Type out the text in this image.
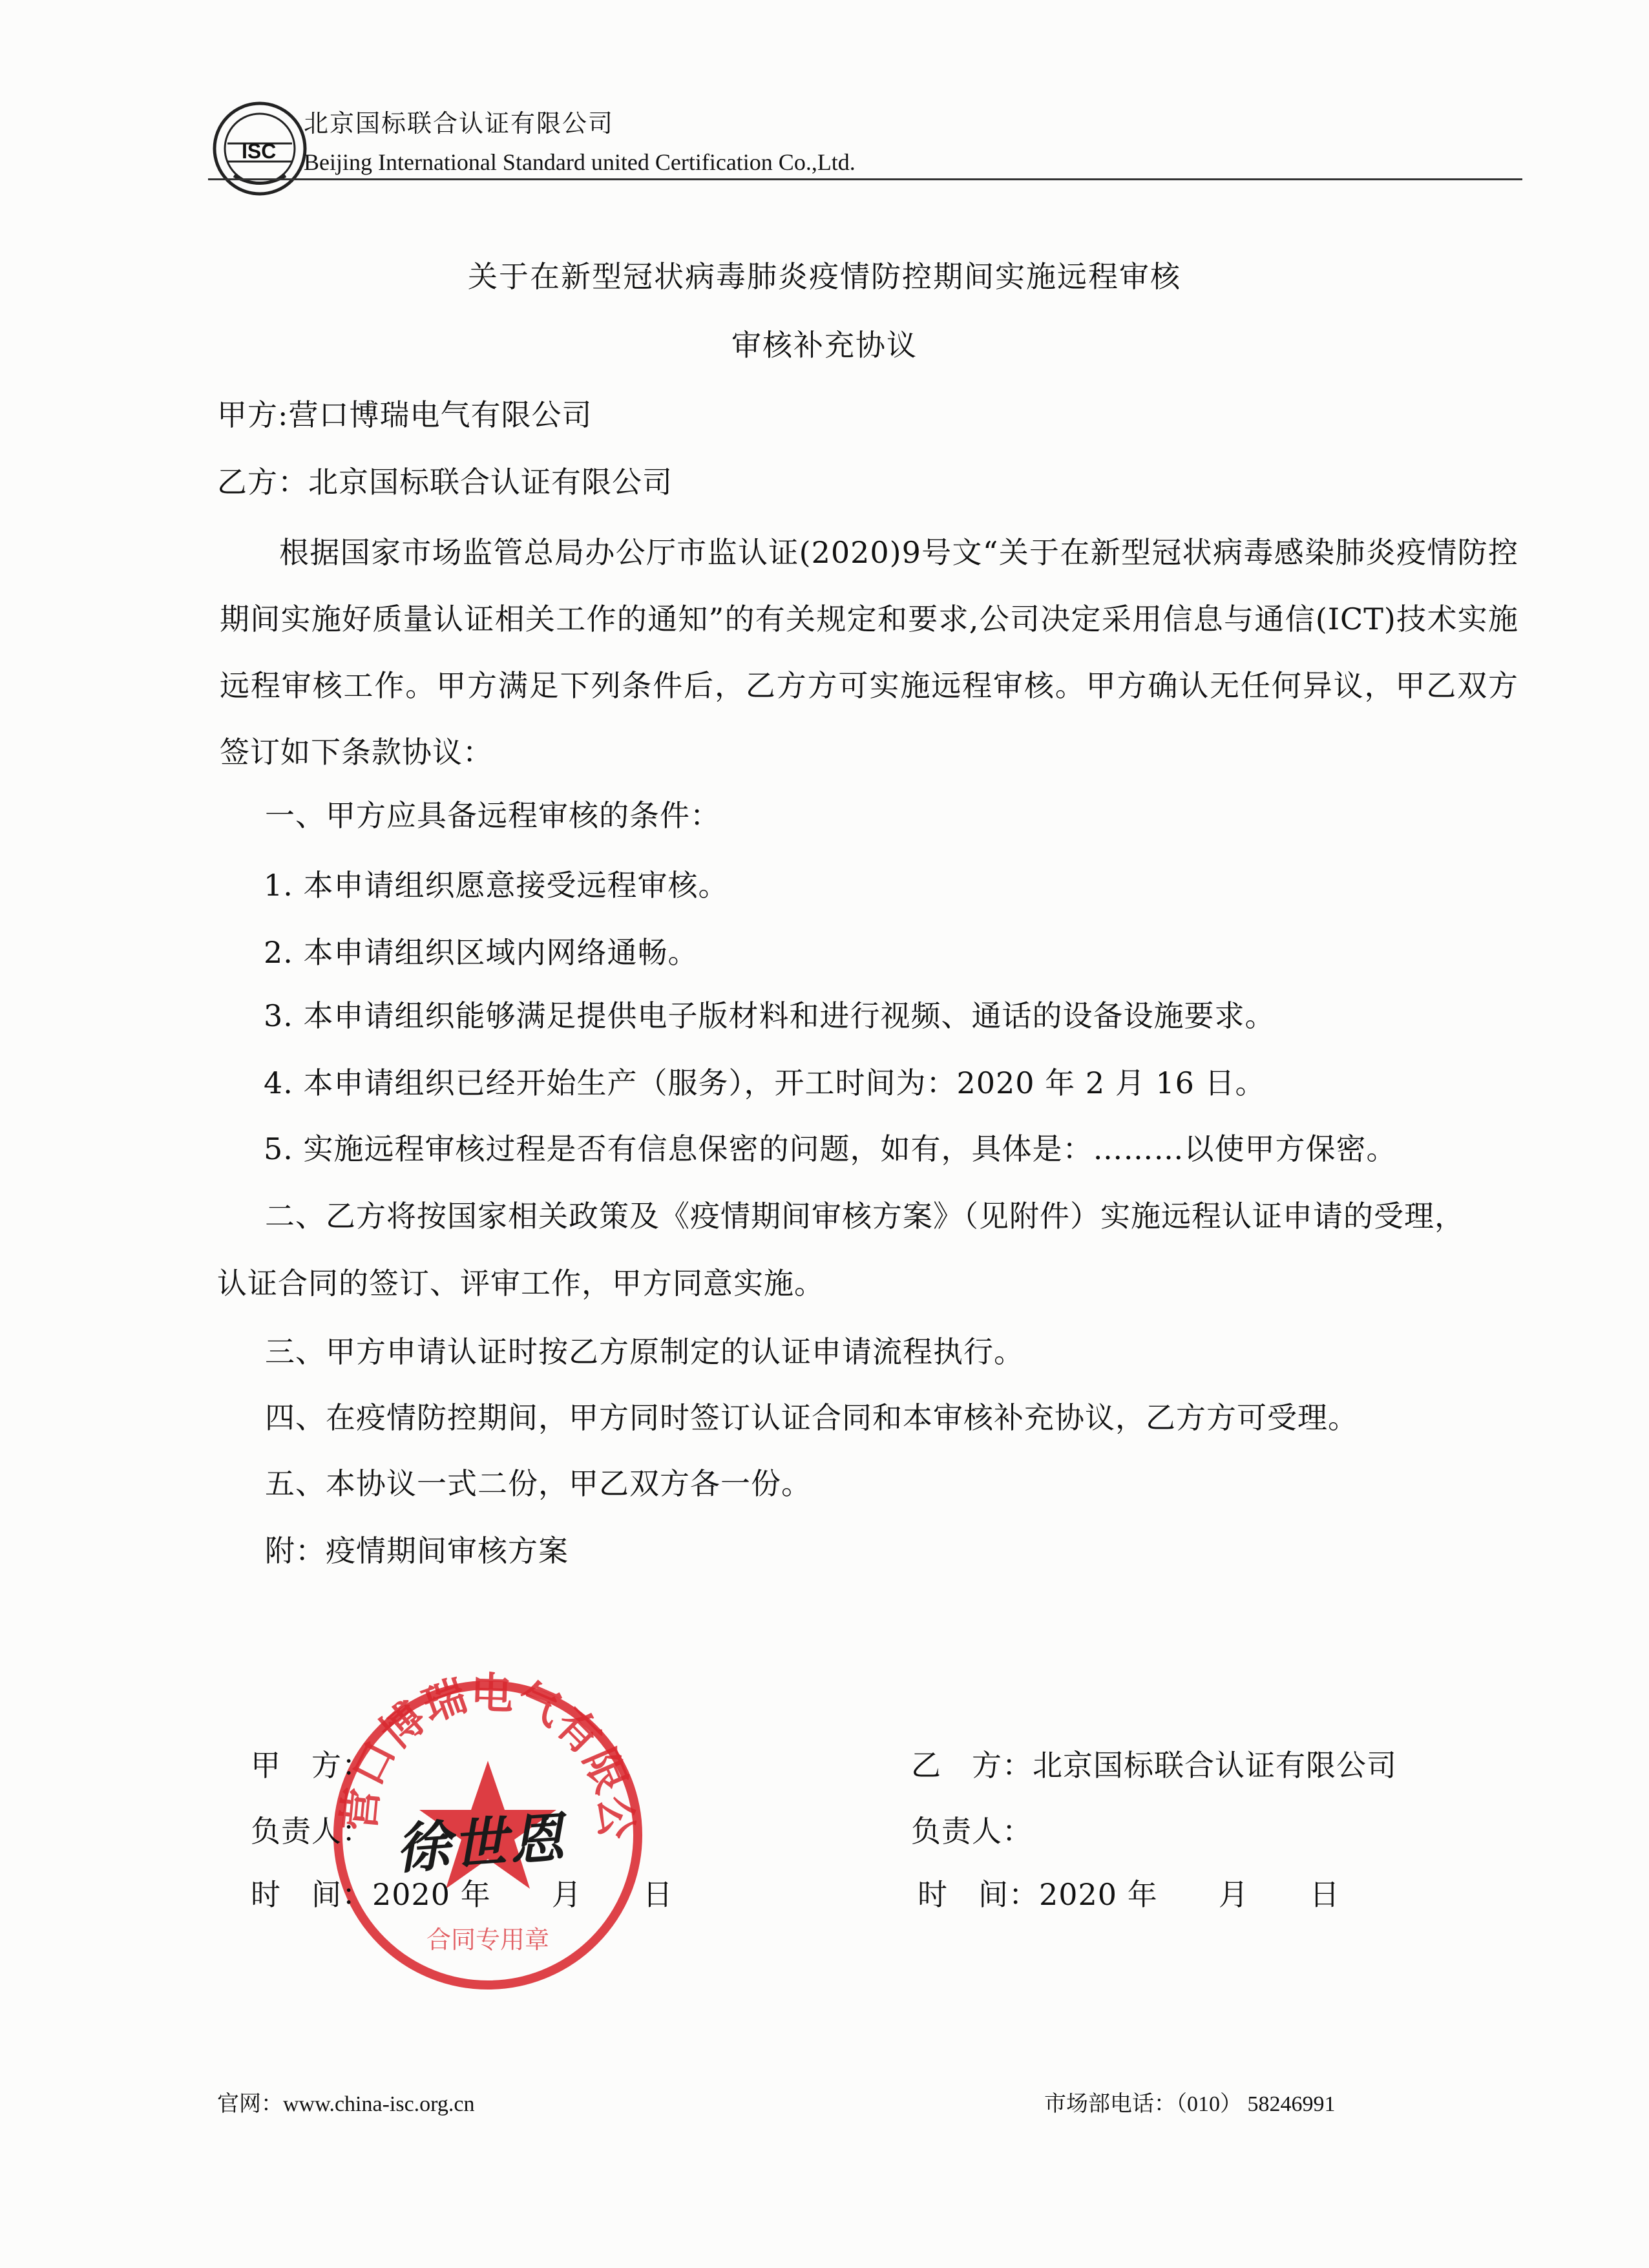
ISC
北京国标联合认证有限公司
Beijing International Standard united Certification Co.,Ltd.
关于在新型冠状病毒肺炎疫情防控期间实施远程审核
审核补充协议
甲方:营口博瑞电气有限公司
乙方：北京国标联合认证有限公司

根据国家市场监管总局办公厅市监认证(2020)9号文“关于在新型冠状病毒感染肺炎疫情防控期间实施好质量认证相关工作的通知”的有关规定和要求,公司决定采用信息与通信(ICT)技术实施远程审核工作。甲方满足下列条件后，乙方方可实施远程审核。甲方确认无任何异议，甲乙双方签订如下条款协议：

一、甲方应具备远程审核的条件：
1. 本申请组织愿意接受远程审核。
2. 本申请组织区域内网络通畅。
3. 本申请组织能够满足提供电子版材料和进行视频、通话的设备设施要求。
4. 本申请组织已经开始生产（服务），开工时间为：2020 年 2 月 16 日。
5. 实施远程审核过程是否有信息保密的问题，如有，具体是：………以使甲方保密。
二、乙方将按国家相关政策及《疫情期间审核方案》（见附件）实施远程认证申请的受理，
认证合同的签订、评审工作，甲方同意实施。
三、甲方申请认证时按乙方原制定的认证申请流程执行。
四、在疫情防控期间，甲方同时签订认证合同和本审核补充协议，乙方方可受理。
五、本协议一式二份，甲乙双方各一份。
附：疫情期间审核方案
营口博瑞电气有限公
合同专用章
甲　方：
负责人： 徐世恩
时　间：2020 年　　月　　日
乙　方：北京国标联合认证有限公司
负责人：
时　间：2020 年　　月　　日
官网：www.china-isc.org.cn	市场部电话：（010） 58246991
